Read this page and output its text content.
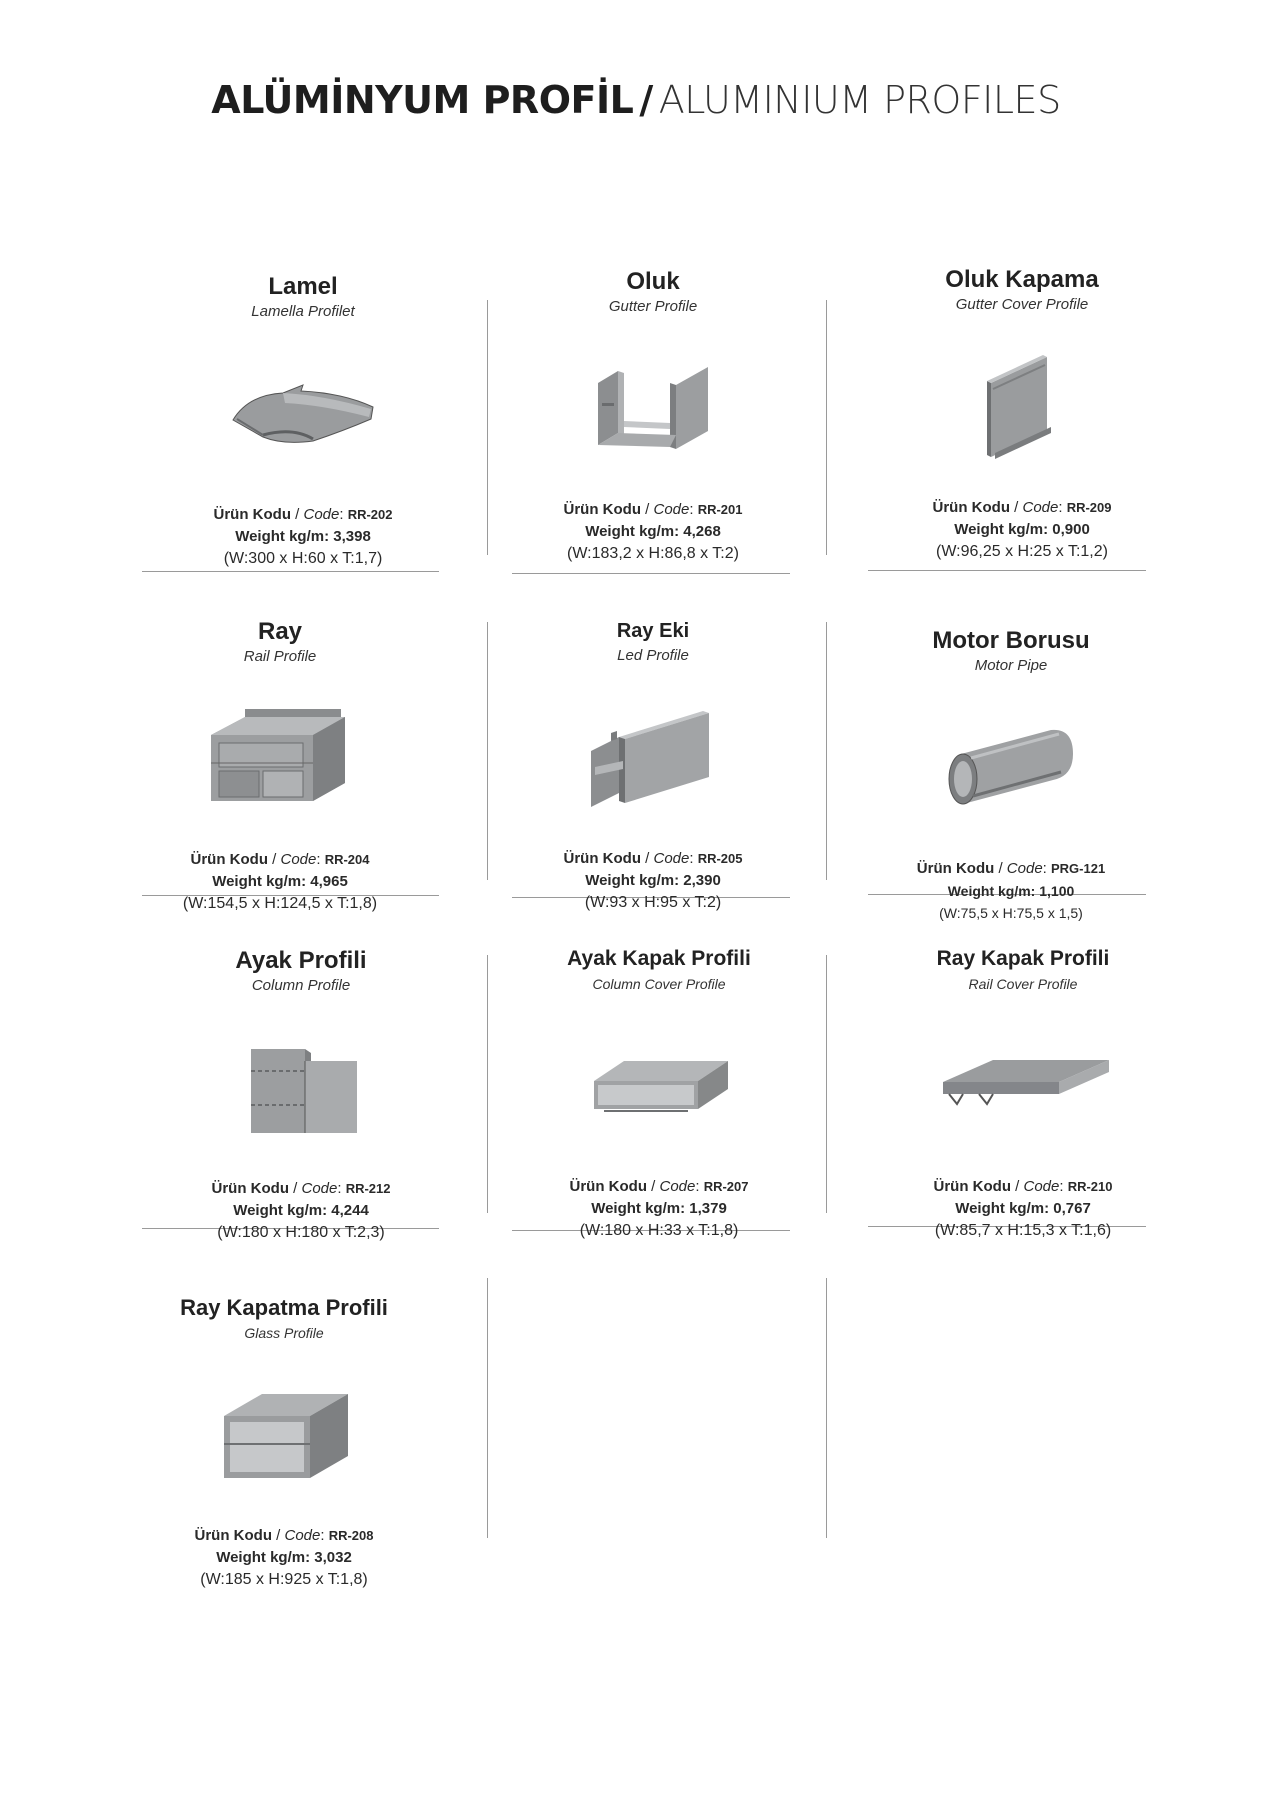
ALÜMİNYUM PROFİL / ALUMINIUM PROFILES
Lamel
Lamella Profilet
Ürün Kodu / Code: RR-202
Weight kg/m: 3,398
(W:300 x H:60 x T:1,7)
Oluk
Gutter Profile
Ürün Kodu / Code: RR-201
Weight kg/m: 4,268
(W:183,2 x H:86,8 x T:2)
Oluk Kapama
Gutter Cover Profile
Ürün Kodu / Code: RR-209
Weight kg/m: 0,900
(W:96,25 x H:25 x T:1,2)
Ray
Rail Profile
Ürün Kodu / Code: RR-204
Weight kg/m: 4,965
(W:154,5 x H:124,5 x T:1,8)
Ray Eki
Led Profile
Ürün Kodu / Code: RR-205
Weight kg/m: 2,390
(W:93 x H:95 x T:2)
Motor Borusu
Motor Pipe
Ürün Kodu / Code: PRG-121
Weight kg/m: 1,100
(W:75,5 x H:75,5 x 1,5)
Ayak Profili
Column Profile
Ürün Kodu / Code: RR-212
Weight kg/m: 4,244
(W:180 x H:180 x T:2,3)
Ayak Kapak Profili
Column Cover Profile
Ürün Kodu / Code: RR-207
Weight kg/m: 1,379
(W:180 x H:33 x T:1,8)
Ray Kapak Profili
Rail Cover Profile
Ürün Kodu / Code: RR-210
Weight kg/m: 0,767
(W:85,7 x H:15,3 x T:1,6)
Ray Kapatma Profili
Glass Profile
Ürün Kodu / Code: RR-208
Weight kg/m: 3,032
(W:185 x H:925 x T:1,8)
